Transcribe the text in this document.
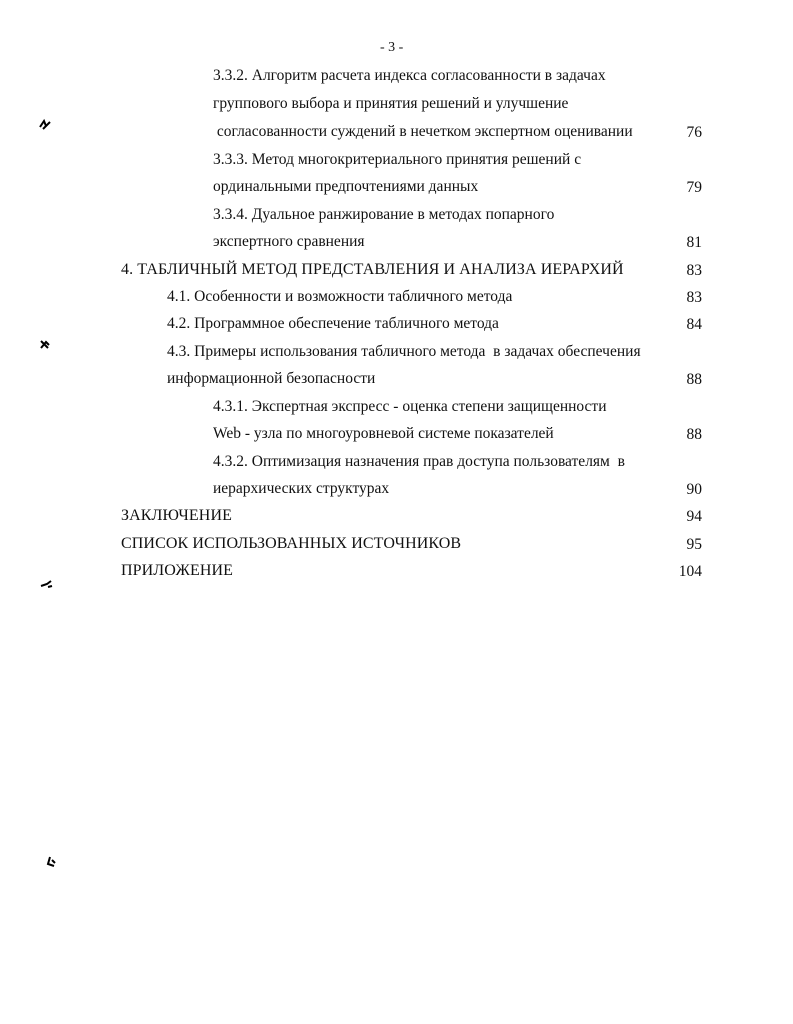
- 3 -
3.3.2. Алгоритм расчета индекса согласованности в задачах
группового выбора и принятия решений и улучшение
согласованности суждений в нечетком экспертном оценивании	76
3.3.3. Метод многокритериального принятия решений с
ординальными предпочтениями данных	79
3.3.4. Дуальное ранжирование в методах попарного
экспертного сравнения	81
4. ТАБЛИЧНЫЙ МЕТОД ПРЕДСТАВЛЕНИЯ И АНАЛИЗА ИЕРАРХИЙ	83
4.1. Особенности и возможности табличного метода	83
4.2. Программное обеспечение табличного метода	84
4.3. Примеры использования табличного метода  в задачах обеспечения
информационной безопасности	88
4.3.1. Экспертная экспресс - оценка степени защищенности
Web - узла по многоуровневой системе показателей	88
4.3.2. Оптимизация назначения прав доступа пользователям  в
иерархических структурах	90
ЗАКЛЮЧЕНИЕ	94
СПИСОК ИСПОЛЬЗОВАННЫХ ИСТОЧНИКОВ	95
ПРИЛОЖЕНИЕ	104
